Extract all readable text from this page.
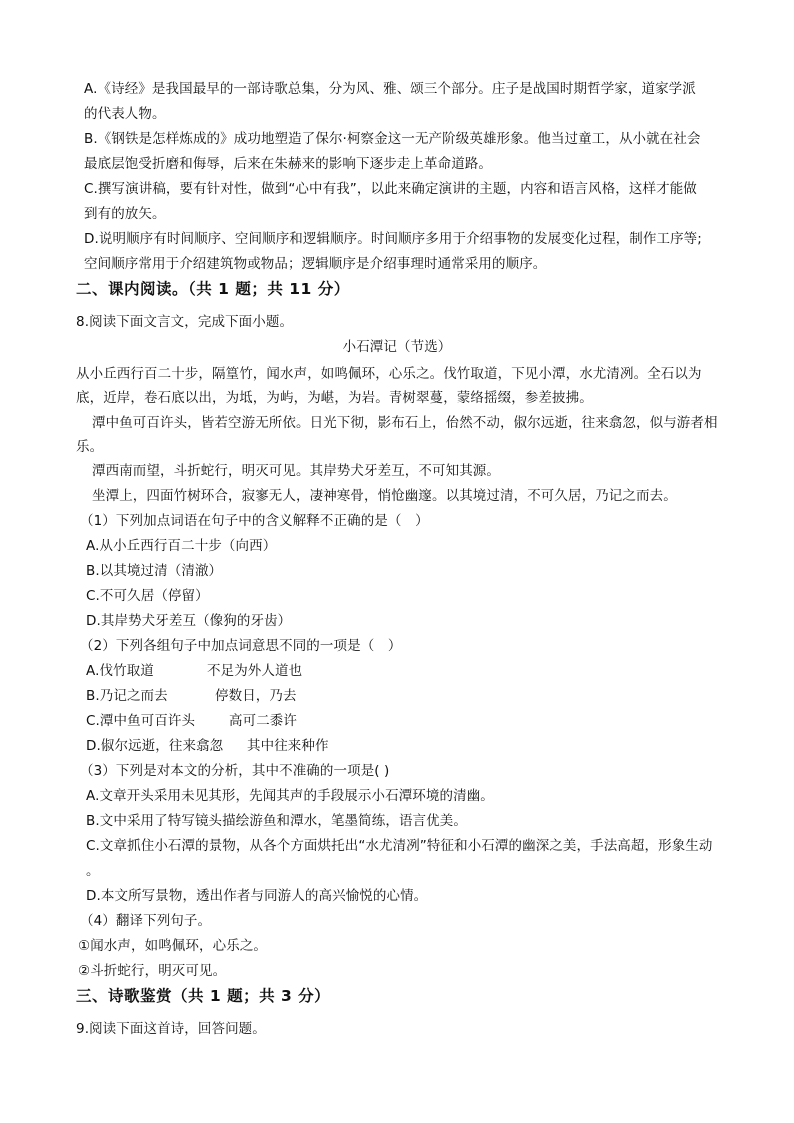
A.《诗经》是我国最早的一部诗歌总集，分为风、雅、颂三个部分。庄子是战国时期哲学家，道家学派
的代表人物。
B.《钢铁是怎样炼成的》成功地塑造了保尔·柯察金这一无产阶级英雄形象。他当过童工，从小就在社会
最底层饱受折磨和侮辱，后来在朱赫来的影响下逐步走上革命道路。
C.撰写演讲稿，要有针对性，做到“心中有我”，以此来确定演讲的主题，内容和语言风格，这样才能做
到有的放矢。
D.说明顺序有时间顺序、空间顺序和逻辑顺序。时间顺序多用于介绍事物的发展变化过程，制作工序等;
空间顺序常用于介绍建筑物或物品；逻辑顺序是介绍事理时通常采用的顺序。
二、课内阅读。（共 1 题；共 11 分）
8.阅读下面文言文，完成下面小题。
小石潭记（节选）
从小丘西行百二十步，隔篁竹，闻水声，如鸣佩环，心乐之。伐竹取道，下见小潭，水尤清冽。全石以为底，近岸，卷石底以出，为坻，为屿，为嵁，为岩。青树翠蔓，蒙络摇缀，参差披拂。
潭中鱼可百许头，皆若空游无所依。日光下彻，影布石上，佁然不动，俶尔远逝，往来翕忽，似与游者相乐。
潭西南而望，斗折蛇行，明灭可见。其岸势犬牙差互，不可知其源。
坐潭上，四面竹树环合，寂寥无人，凄神寒骨，悄怆幽邃。以其境过清，不可久居，乃记之而去。
（1）下列加点词语在句子中的含义解释不正确的是（　）
A.从小丘西行百二十步（向西）
B.以其境过清（清澈）
C.不可久居（停留）
D.其岸势犬牙差互（像狗的牙齿）
（2）下列各组句子中加点词意思不同的一项是（　）
A.伐竹取道	不足为外人道也
B.乃记之而去	停数日，乃去
C.潭中鱼可百许头	高可二黍许
D.俶尔远逝，往来翕忽 其中往来种作
（3）下列是对本文的分析，其中不准确的一项是( )
A.文章开头采用未见其形，先闻其声的手段展示小石潭环境的清幽。
B.文中采用了特写镜头描绘游鱼和潭水，笔墨简练，语言优美。
C.文章抓住小石潭的景物，从各个方面烘托出“水尤清冽”特征和小石潭的幽深之美，手法高超，形象生动
。
D.本文所写景物，透出作者与同游人的高兴愉悦的心情。
（4）翻译下列句子。
①闻水声，如鸣佩环，心乐之。
②斗折蛇行，明灭可见。
三、诗歌鉴赏（共 1 题；共 3 分）
9.阅读下面这首诗，回答问题。
